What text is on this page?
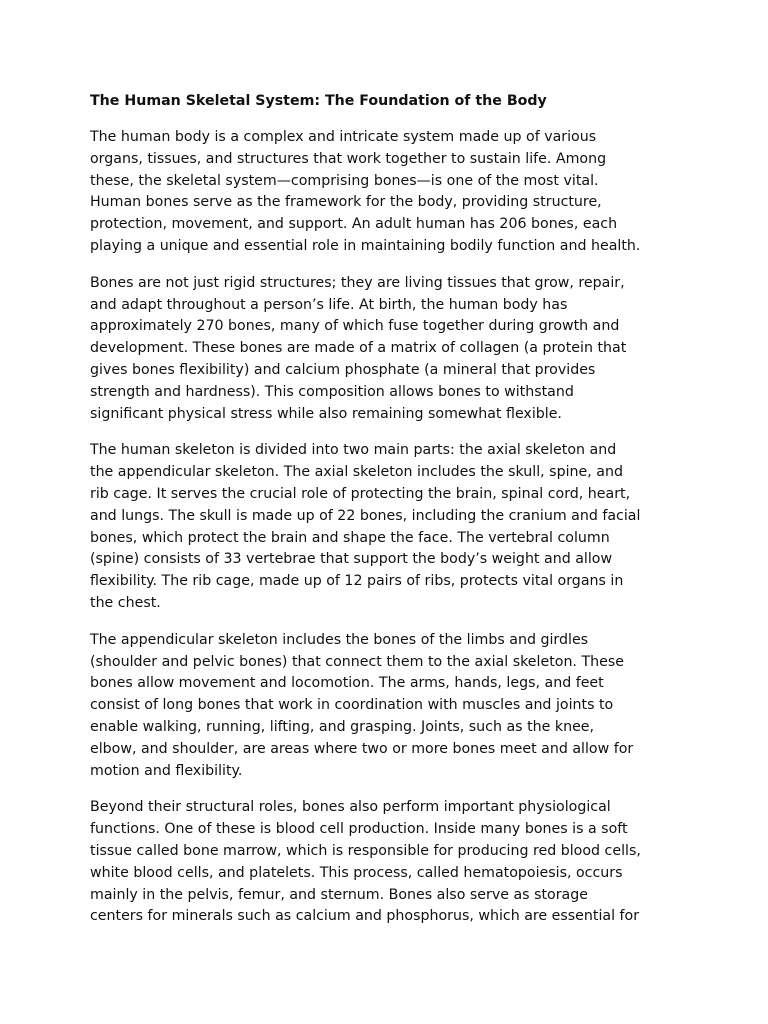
The Human Skeletal System: The Foundation of the Body
The human body is a complex and intricate system made up of various
organs, tissues, and structures that work together to sustain life. Among
these, the skeletal system—comprising bones—is one of the most vital.
Human bones serve as the framework for the body, providing structure,
protection, movement, and support. An adult human has 206 bones, each
playing a unique and essential role in maintaining bodily function and health.
Bones are not just rigid structures; they are living tissues that grow, repair,
and adapt throughout a person’s life. At birth, the human body has
approximately 270 bones, many of which fuse together during growth and
development. These bones are made of a matrix of collagen (a protein that
gives bones flexibility) and calcium phosphate (a mineral that provides
strength and hardness). This composition allows bones to withstand
significant physical stress while also remaining somewhat flexible.
The human skeleton is divided into two main parts: the axial skeleton and
the appendicular skeleton. The axial skeleton includes the skull, spine, and
rib cage. It serves the crucial role of protecting the brain, spinal cord, heart,
and lungs. The skull is made up of 22 bones, including the cranium and facial
bones, which protect the brain and shape the face. The vertebral column
(spine) consists of 33 vertebrae that support the body’s weight and allow
flexibility. The rib cage, made up of 12 pairs of ribs, protects vital organs in
the chest.
The appendicular skeleton includes the bones of the limbs and girdles
(shoulder and pelvic bones) that connect them to the axial skeleton. These
bones allow movement and locomotion. The arms, hands, legs, and feet
consist of long bones that work in coordination with muscles and joints to
enable walking, running, lifting, and grasping. Joints, such as the knee,
elbow, and shoulder, are areas where two or more bones meet and allow for
motion and flexibility.
Beyond their structural roles, bones also perform important physiological
functions. One of these is blood cell production. Inside many bones is a soft
tissue called bone marrow, which is responsible for producing red blood cells,
white blood cells, and platelets. This process, called hematopoiesis, occurs
mainly in the pelvis, femur, and sternum. Bones also serve as storage
centers for minerals such as calcium and phosphorus, which are essential for
